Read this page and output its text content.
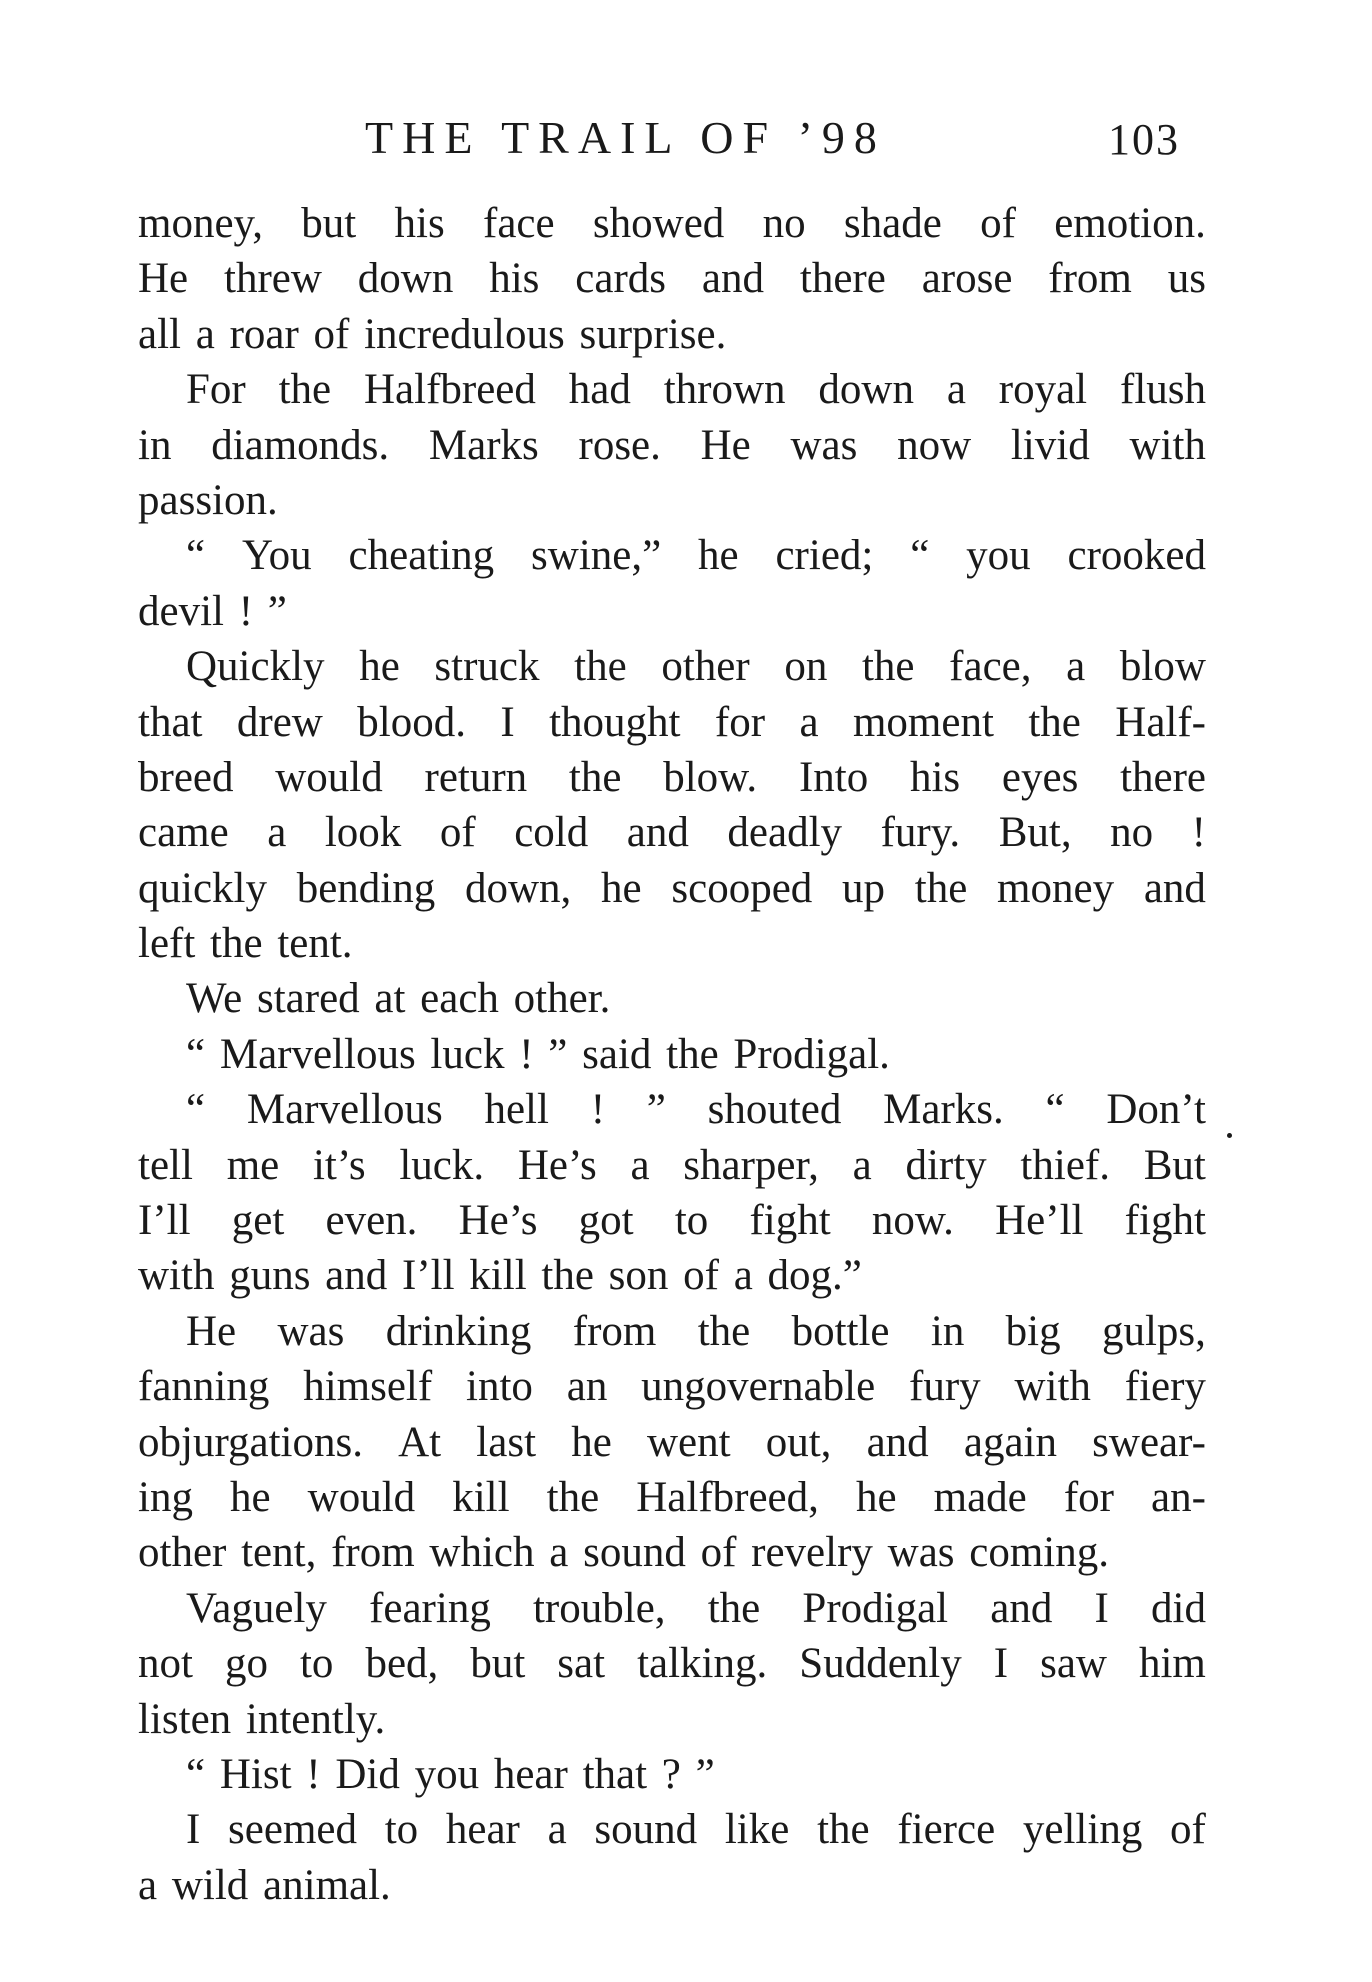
THE TRAIL OF ’98	103
money, but his face showed no shade of emotion.
He threw down his cards and there arose from us
all a roar of incredulous surprise.
For the Halfbreed had thrown down a royal flush
in diamonds. Marks rose. He was now livid with
passion.
“ You cheating swine,” he cried; “ you crooked
devil ! ”
Quickly he struck the other on the face, a blow
that drew blood. I thought for a moment the Half-
breed would return the blow. Into his eyes there
came a look of cold and deadly fury. But, no !
quickly bending down, he scooped up the money and
left the tent.
We stared at each other.
“ Marvellous luck ! ” said the Prodigal.
“ Marvellous hell ! ” shouted Marks. “ Don’t
tell me it’s luck. He’s a sharper, a dirty thief. But
I’ll get even. He’s got to fight now. He’ll fight
with guns and I’ll kill the son of a dog.”
He was drinking from the bottle in big gulps,
fanning himself into an ungovernable fury with fiery
objurgations. At last he went out, and again swear-
ing he would kill the Halfbreed, he made for an-
other tent, from which a sound of revelry was coming.
Vaguely fearing trouble, the Prodigal and I did
not go to bed, but sat talking. Suddenly I saw him
listen intently.
“ Hist ! Did you hear that ? ”
I seemed to hear a sound like the fierce yelling of
a wild animal.
